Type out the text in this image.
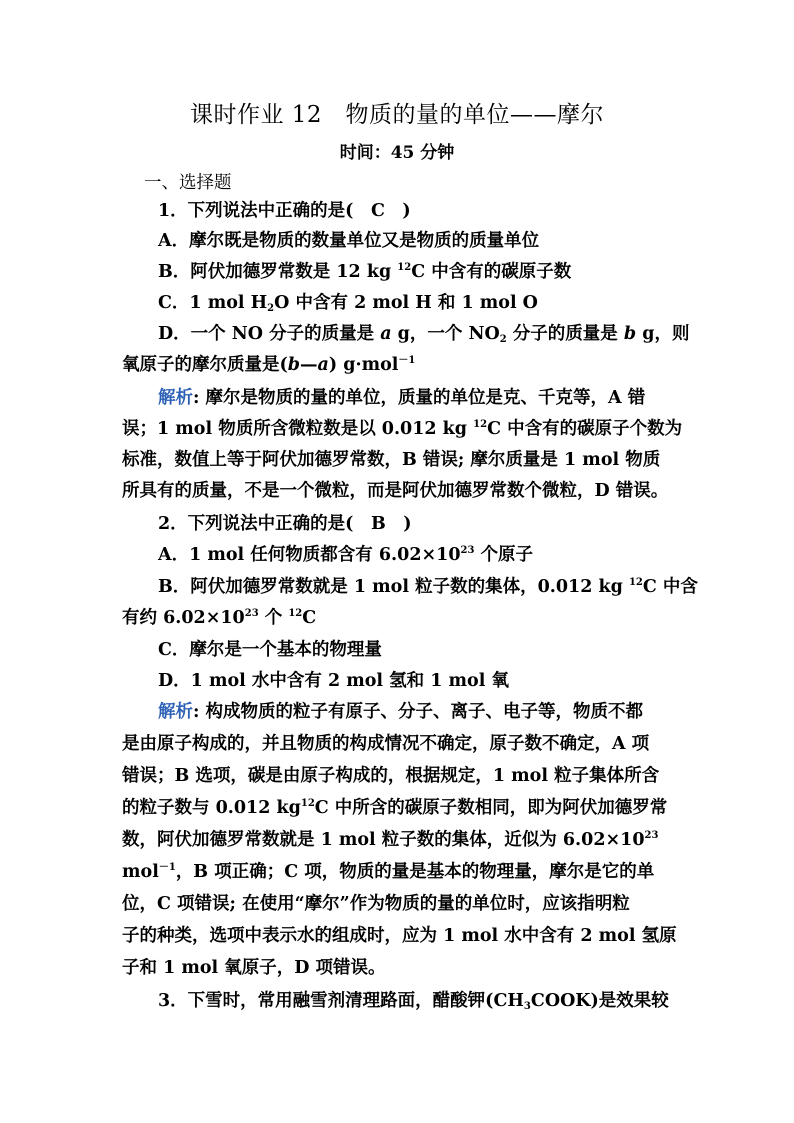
课时作业 12　物质的量的单位——摩尔
时间：45 分钟
一、选择题
1．下列说法中正确的是(　C　)
A．摩尔既是物质的数量单位又是物质的质量单位
B．阿伏加德罗常数是 12 kg $^{12}$C 中含有的碳原子数
C．1 mol $H_2O$ 中含有 2 mol H 和 1 mol O
D．一个 NO 分子的质量是 a g，一个 $NO_2$ 分子的质量是 b g，则
氧原子的摩尔质量是(b—a) g·mol$^{-1}$
解析: 摩尔是物质的量的单位，质量的单位是克、千克等，A 错
误；1 mol 物质所含微粒数是以 0.012 kg $^{12}$C 中含有的碳原子个数为
标准，数值上等于阿伏加德罗常数，B 错误; 摩尔质量是 1 mol 物质
所具有的质量，不是一个微粒，而是阿伏加德罗常数个微粒，D 错误。
2．下列说法中正确的是(　B　)
A．1 mol 任何物质都含有 $6.02\times 10^{23}$ 个原子
B．阿伏加德罗常数就是 1 mol 粒子数的集体，0.012 kg $^{12}$C 中含
有约 $6.02\times 10^{23}$ 个 $^{12}$C
C．摩尔是一个基本的物理量
D．1 mol 水中含有 2 mol 氢和 1 mol 氧
解析: 构成物质的粒子有原子、分子、离子、电子等，物质不都
是由原子构成的，并且物质的构成情况不确定，原子数不确定，A 项
错误；B 选项，碳是由原子构成的，根据规定，1 mol 粒子集体所含
的粒子数与 0.012 $kg^{12}C$ 中所含的碳原子数相同，即为阿伏加德罗常
数，阿伏加德罗常数就是 1 mol 粒子数的集体，近似为 $6.02\times 10^{23}$
mol$^{-1}$，B 项正确；C 项，物质的量是基本的物理量，摩尔是它的单
位，C 项错误; 在使用“摩尔”作为物质的量的单位时，应该指明粒
子的种类，选项中表示水的组成时，应为 1 mol 水中含有 2 mol 氢原
子和 1 mol 氧原子，D 项错误。
3．下雪时，常用融雪剂清理路面，醋酸钾$(CH_3COOK)$是效果较
